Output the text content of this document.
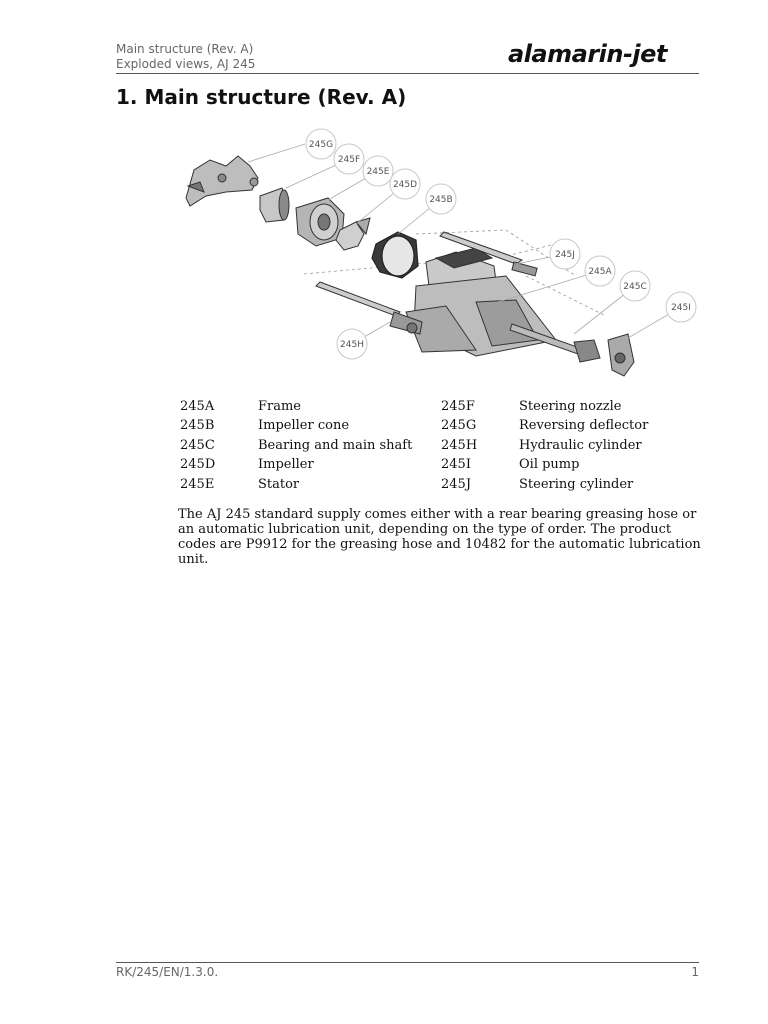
Main structure (Rev. A)
Exploded views, AJ 245	alamarin-jet
1. Main structure (Rev. A)
245G
245F
245E
245D
245B
245J
245A
245C
245I
245H
245A	Frame	245F	Steering nozzle
245B	Impeller cone	245G	Reversing deflector
245C	Bearing and main shaft	245H	Hydraulic cylinder
245D	Impeller	245I	Oil pump
245E	Stator	245J	Steering cylinder

The AJ 245 standard supply comes either with a rear bearing greasing hose or an automatic lubrication unit, depending on the type of order. The product codes are P9912 for the greasing hose and 10482 for the automatic lubrication unit.

RK/245/EN/1.3.0.	1
